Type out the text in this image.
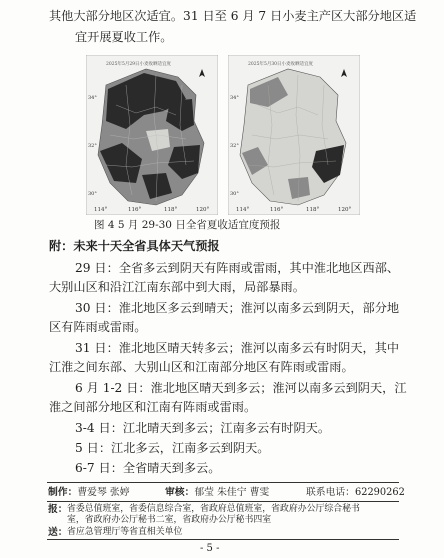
其他大部分地区次适宜。31 日至 6 月 7 日小麦主产区大部分地区适
宜开展夏收工作。
2025年5月29日小麦收晒适宜度
34°
32°
30°
114°	116°	118°	120°
2025年5月30日小麦收晒适宜度
34°
32°
30°
114°	116°	118°	120°
图 4 5 月 29-30 日全省夏收适宜度预报
附：未来十天全省具体天气预报
29 日：全省多云到阴天有阵雨或雷雨，其中淮北地区西部、
大别山区和沿江江南东部中到大雨，局部暴雨。
30 日：淮北地区多云到晴天；淮河以南多云到阴天，部分地
区有阵雨或雷雨。
31 日：淮北地区晴天转多云；淮河以南多云有时阴天，其中
江淮之间东部、大别山区和江南部分地区有阵雨或雷雨。
6 月 1-2 日：淮北地区晴天到多云；淮河以南多云到阴天，江
淮之间部分地区和江南有阵雨或雷雨。
3-4 日：江北晴天到多云；江南多云有时阴天。
5 日：江北多云，江南多云到阴天。
6-7 日：全省晴天到多云。
制作：曹爱琴 张婷	审核：郁莹 朱佳宁 曹雯	联系电话：62290262
报： 省委总值班室，省委信息综合室，省政府总值班室，省政府办公厅综合秘书
室，省政府办公厅秘书二室，省政府办公厅秘书四室
送： 省应急管理厅等省直相关单位
- 5 -
